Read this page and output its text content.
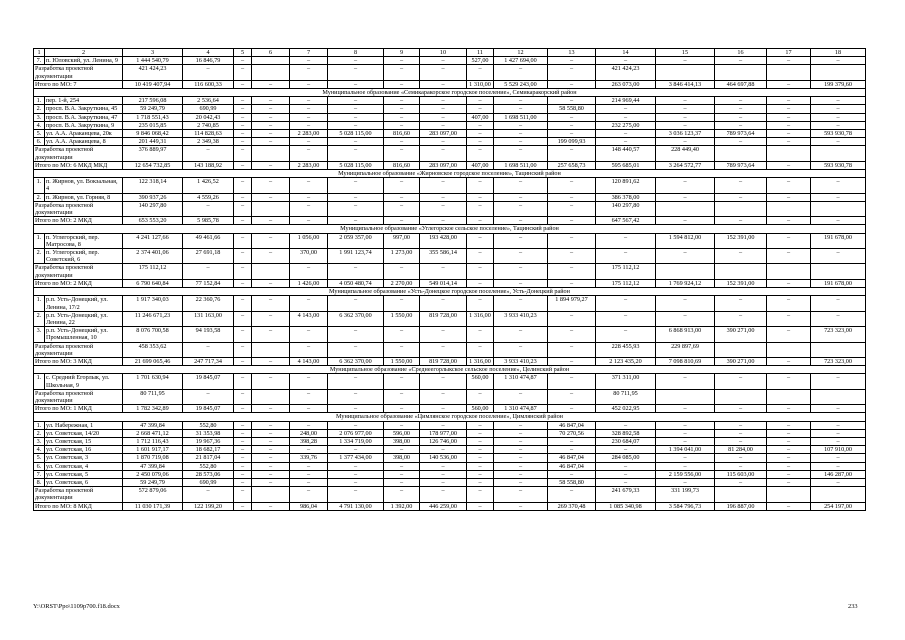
1	2	3	4	5	6	7	8	9	10	11	12	13	14	15	16	17	18
7.	п. Юловский, ул. Ленина, 9	1 444 540,79	16 846,79	–		–	–	–	–	527,00	1 427 694,00	–	–	–	–	–	–
Разработка проектной документации		421 424,23	–	–		–	–	–	–	–	–	–	421 424,23				
Итого по МО: 7		10 419 407,94	116 600,33	–	–	–	–	–	–	1 310,00	5 529 243,00	–	263 073,00	3 846 414,13	464 697,88	–	199 379,60
Муниципальное образование «Семикаракорское городское поселение», Семикаракорский район																	
1.	пер. 1-й, 254	217 596,08	2 536,64	–	–	–	–	–	–	–	–	–	214 969,44	–	–	–	–
2.	просп. В.А. Закруткина, 45	59 249,79	690,99	–	–	–	–	–	–	–	–	58 558,80	–	–	–	–	–
3.	просп. В.А. Закруткина, 47	1 718 551,43	20 042,43	–	–	–	–	–	–	407,00	1 698 511,00	–	–	–	–	–	–
4.	просп. В.А. Закруткина, 9	235 015,85	2 740,85	–	–	–	–	–	–	–	–	–	232 275,00	–	–	–	–
5.	ул. А.А. Араканцева, 20к	9 846 068,42	114 828,63	–	–	2 283,00	5 028 115,00	816,60	283 097,00	–	–	–	–	3 036 123,37	789 973,64	–	593 930,78
6.	ул. А.А. Араканцева, 8	201 449,31	2 349,38	–	–	–	–	–	–	–	–	199 099,93	–	–	–	–	–
Разработка проектной документации		376 889,97	–	–		–	–	–	–	–	–	–	148 440,57	228 449,40			
Итого по МО: 6 МКД МКД		12 654 732,85	143 188,92	–	–	2 283,00	5 028 115,00	816,60	283 097,00	407,00	1 698 511,00	257 658,73	595 685,01	3 264 572,77	789 973,64	–	593 930,78
Муниципальное образование «Жирновское городское поселение», Тацинский район																	
1.	п. Жирнов, ул. Вокзальная, 4	122 318,14	1 426,52	–	–	–	–	–	–	–	–	–	120 891,62	–	–	–	–
2.	п. Жирнов, ул. Горняя, 8	390 937,26	4 559,26	–	–	–	–	–	–	–	–	–	386 378,00	–	–	–	–
Разработка проектной документации		140 297,80	–	–		–	–	–	–	–	–	–	140 297,80				
Итого по МО: 2 МКД		653 553,20	5 985,78	–	–	–	–	–	–	–	–	–	647 567,42	–	–	–	–
Муниципальное образование «Углегорское сельское поселение», Тацинский район																	
1.	п. Углегорский, пер. Матросова, 8	4 241 127,66	49 461,66	–	–	1 056,00	2 059 357,00	997,00	193 428,00	–	–	–	–	1 594 812,00	152 391,00	–	191 678,00
2.	п. Углегорский, пер. Советский, 6	2 374 401,06	27 691,18	–	–	370,00	1 991 123,74	1 273,00	355 586,14	–	–	–	–	–	–	–	–
Разработка проектной документации		175 112,12	–	–		–	–	–	–	–	–	–	175 112,12				
Итого по МО: 2 МКД		6 790 640,84	77 152,84	–	–	1 426,00	4 050 480,74	2 270,00	549 014,14	–	–	–	175 112,12	1 769 924,12	152 391,00	–	191 678,00
Муниципальное образование «Усть-Донецкое городское поселение», Усть-Донецкий район																	
1.	р.п. Усть-Донецкий, ул. Ленина, 17/2	1 917 340,03	22 360,76	–	–	–	–	–	–	–	–	1 894 979,27	–	–	–	–	–
2.	р.п. Усть-Донецкий, ул. Ленина, 22	11 246 671,23	131 163,00	–	–	4 143,00	6 362 370,00	1 550,00	819 728,00	1 316,00	3 933 410,23	–	–	–	–	–	–
3.	р.п. Усть-Донецкий, ул. Промышленная, 10	8 076 700,58	94 193,58	–	–	–	–	–	–	–	–	–	–	6 868 913,00	390 271,00	–	723 323,00
Разработка проектной документации		458 353,62	–	–		–	–	–	–	–	–	–	228 455,93	229 897,69			
Итого по МО: 3 МКД		21 699 065,46	247 717,34	–	–	4 143,00	6 362 370,00	1 550,00	819 728,00	1 316,00	3 933 410,23	–	2 123 435,20	7 098 810,69	390 271,00	–	723 323,00
Муниципальное образование «Среднеегорлыкское сельское поселение», Целинский район																	
1.	с. Средний Егорлык, ул. Школьная, 9	1 701 630,94	19 845,07	–	–	–	–	–	–	560,00	1 310 474,87	–	371 311,00	–	–	–	–
Разработка проектной документации		80 711,95	–	–		–	–	–	–	–	–	–	80 711,95				
Итого по МО: 1 МКД		1 782 342,89	19 845,07	–	–	–	–	–	–	560,00	1 310 474,87	–	452 022,95	–	–	–	–
Муниципальное образование «Цимлянское городское поселение», Цимлянский район																	
1.	ул. Набережная, 1	47 399,84	552,80	–	–	–	–	–	–	–	–	46 847,04	–	–	–	–	–
2.	ул. Советская, 14/20	2 668 471,12	31 353,98	–	–	248,00	2 076 977,00	596,00	178 977,00	–	–	70 270,56	328 892,58	–	–	–	–
3.	ул. Советская, 15	1 712 116,43	19 967,36	–	–	398,28	1 334 719,00	398,00	126 746,00	–	–	–	230 684,07	–	–	–	–
4.	ул. Советская, 16	1 601 917,17	18 682,17	–	–	–	–	–	–	–	–	–	–	1 394 041,00	81 284,00	–	107 910,00
5.	ул. Советская, 3	1 870 719,08	21 817,04	–	–	339,76	1 377 434,00	398,00	140 536,00	–	–	46 847,04	284 085,00	–	–	–	–
6.	ул. Советская, 4	47 399,84	552,80	–	–	–	–	–	–	–	–	46 847,04	–	–	–	–	–
7.	ул. Советская, 5	2 450 079,06	28 573,06	–	–	–	–	–	–	–	–	–	–	2 159 556,00	115 603,00	–	146 287,00
8.	ул. Советская, 6	59 249,79	690,99	–	–	–	–	–	–	–	–	58 558,80	–	–	–	–	–
Разработка проектной документации		572 879,06	–	–		–	–	–	–	–	–	–	241 679,33	331 199,73			
Итого по МО: 8 МКД		11 030 171,39	122 199,20	–	–	986,04	4 791 130,00	1 392,00	446 259,00	–	–	269 370,48	1 085 340,98	3 584 796,73	196 887,00	–	254 197,00
Y:\ORST\Ppo\1109p700.f18.docx	233
